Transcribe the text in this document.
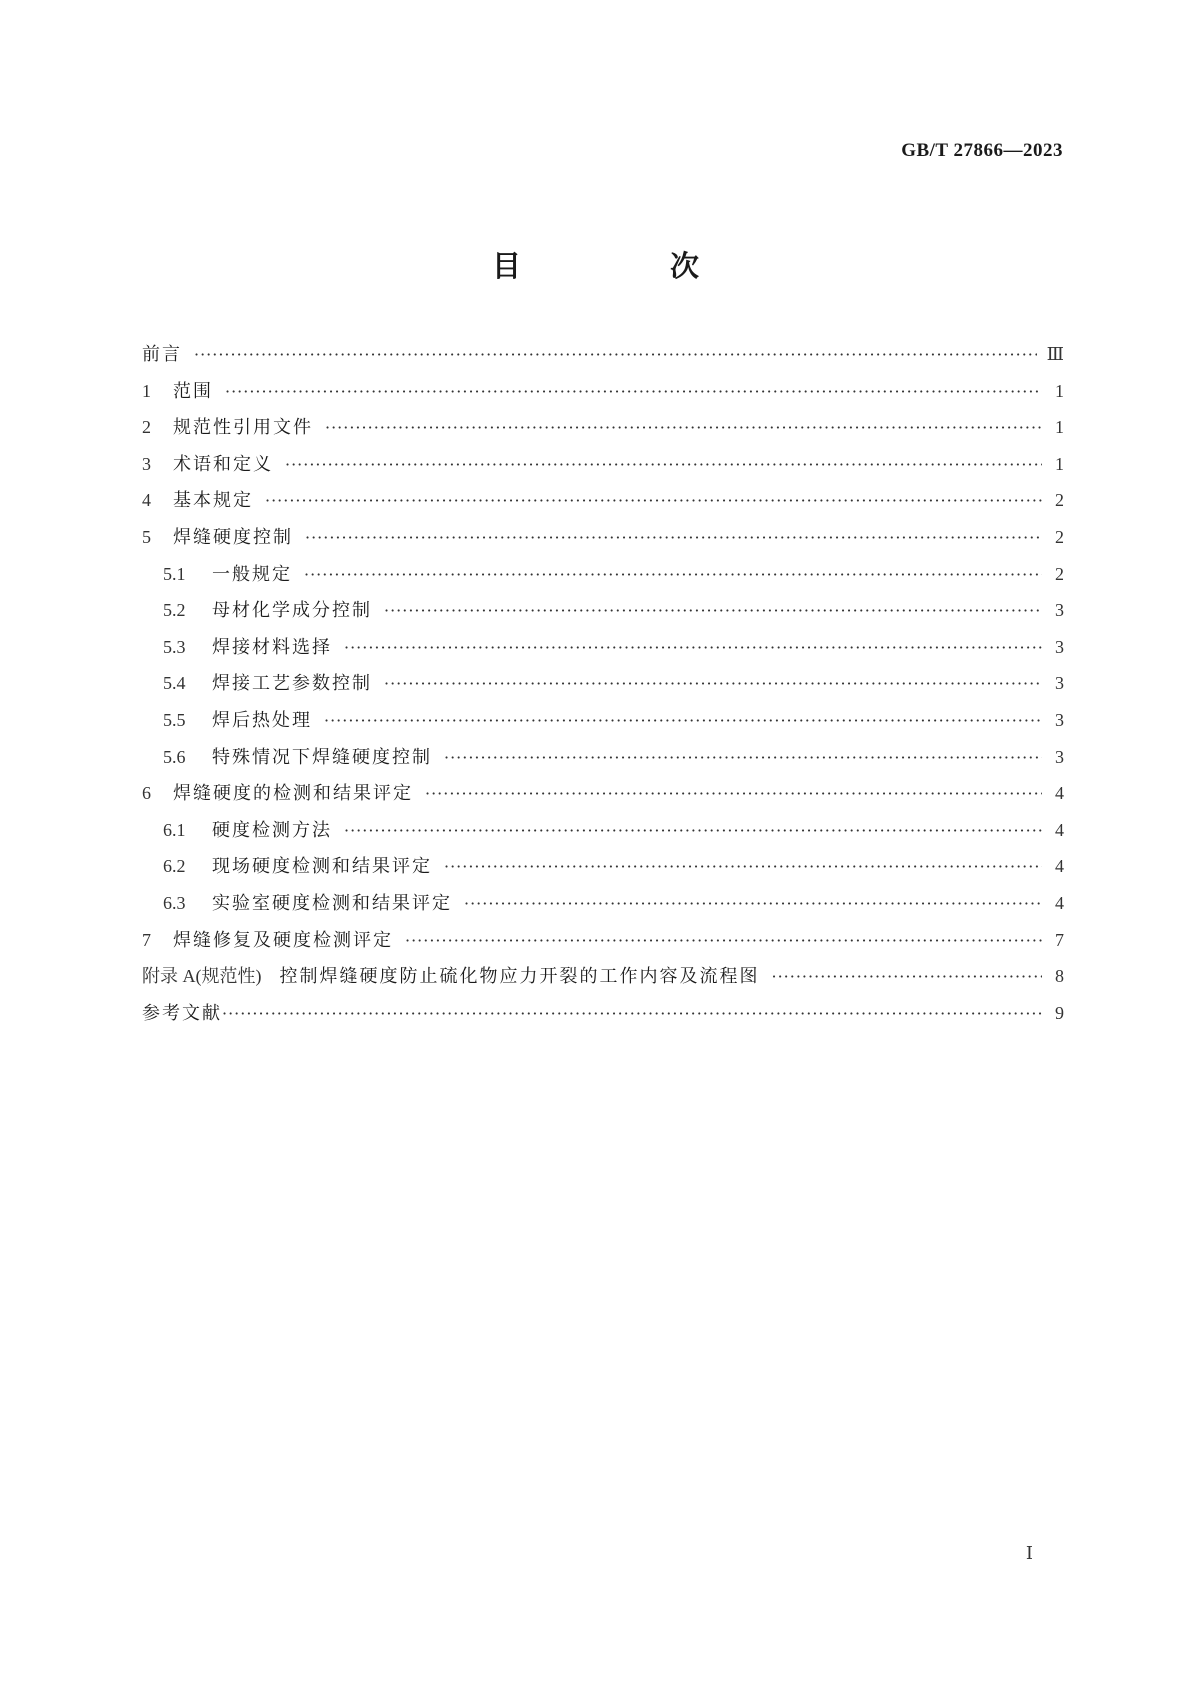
GB/T 27866—2023
目　次
前言 ·····	Ⅲ
1	范围 ·····	1
2	规范性引用文件 ·····	1
3	术语和定义 ·····	1
4	基本规定 ·····	2
5	焊缝硬度控制 ·····	2
5.1	一般规定 ·····	2
5.2	母材化学成分控制 ·····	3
5.3	焊接材料选择 ·····	3
5.4	焊接工艺参数控制 ·····	3
5.5	焊后热处理 ·····	3
5.6	特殊情况下焊缝硬度控制 ·····	3
6	焊缝硬度的检测和结果评定 ·····	4
6.1	硬度检测方法 ·····	4
6.2	现场硬度检测和结果评定 ·····	4
6.3	实验室硬度检测和结果评定 ·····	4
7	焊缝修复及硬度检测评定 ·····	7
附录 A(规范性) 控制焊缝硬度防止硫化物应力开裂的工作内容及流程图 ·····	8
参考文献 ·····	9
Ⅰ
